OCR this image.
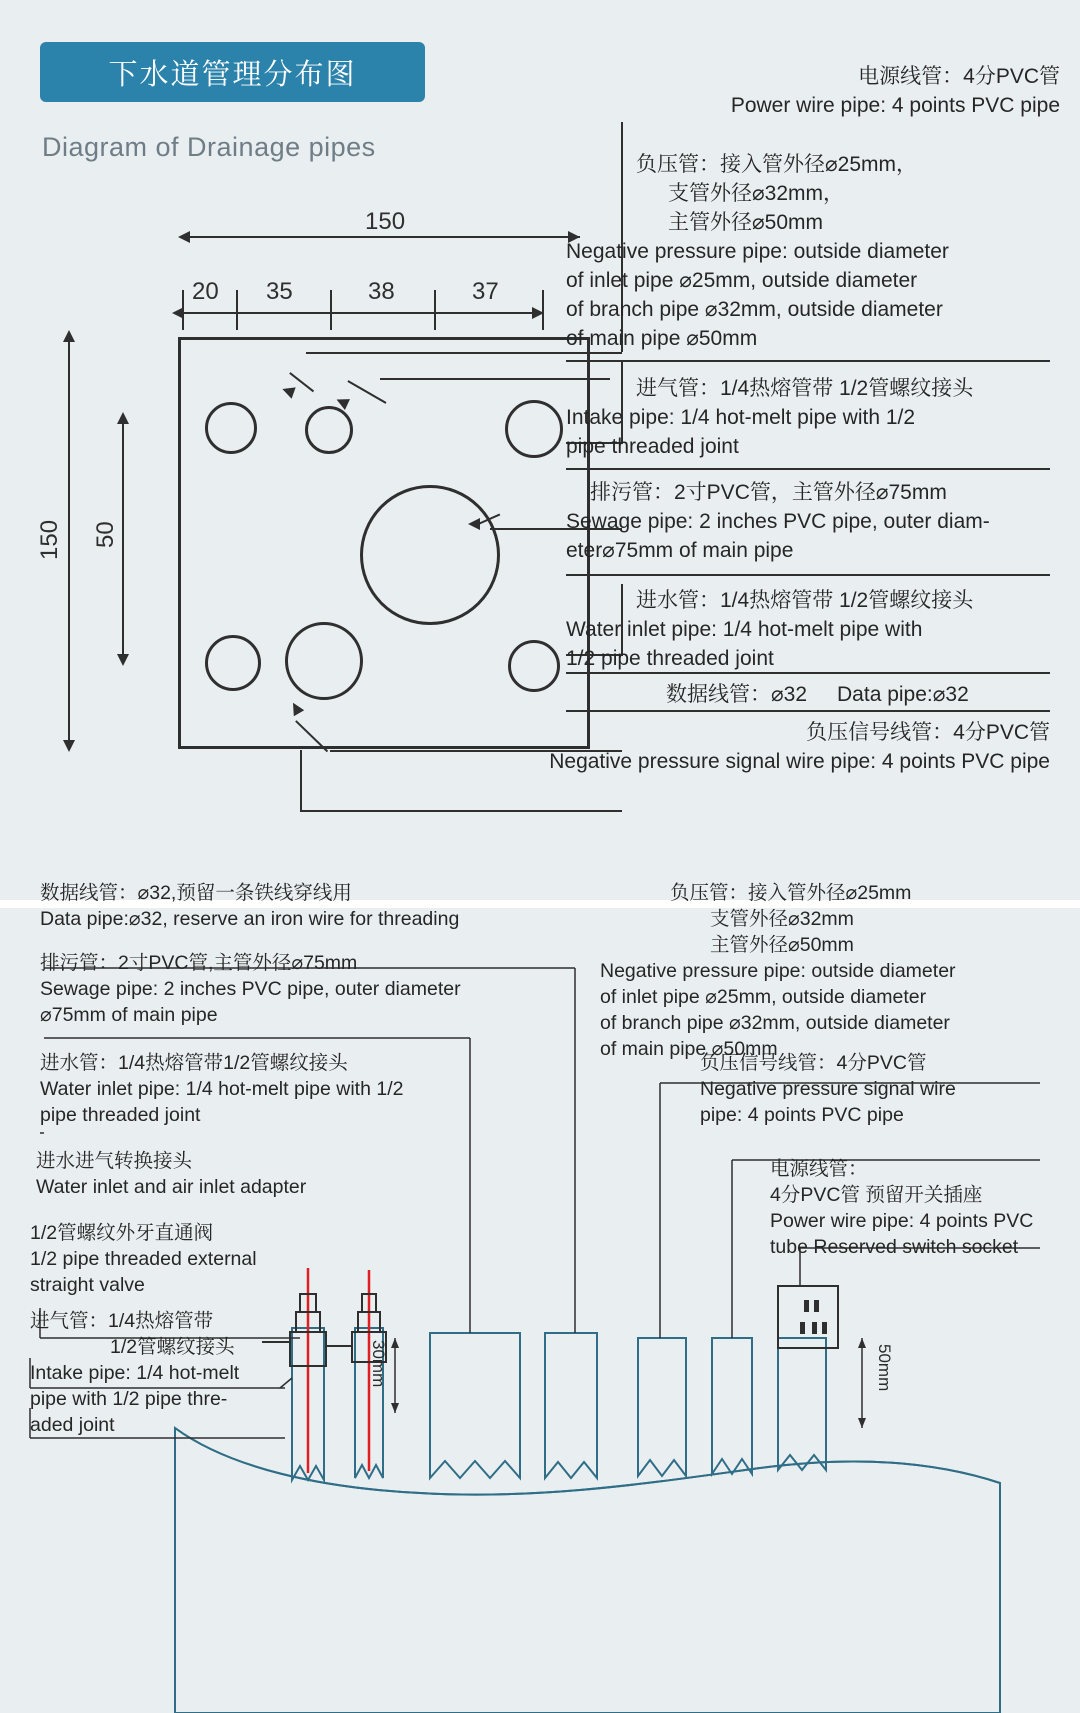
下水道管理分布图
Diagram of Drainage pipes
150
20 35	38	37
150 50
电源线管：4分PVC管
Power wire pipe: 4 points PVC pipe
负压管：接入管外径⌀25mm，
支管外径⌀32mm，
主管外径⌀50mm
Negative pressure pipe: outside diameter
of inlet pipe ⌀25mm, outside diameter
of branch pipe ⌀32mm, outside diameter
of main pipe ⌀50mm
进气管：1/4热熔管带 1/2管螺纹接头
Intake pipe: 1/4 hot-melt pipe with 1/2
pipe threaded joint
排污管：2寸PVC管，主管外径⌀75mm
Sewage pipe: 2 inches PVC pipe, outer diam-
eter⌀75mm of main pipe
进水管：1/4热熔管带 1/2管螺纹接头
Water inlet pipe: 1/4 hot-melt pipe with
1/2 pipe threaded joint
数据线管：⌀32 Data pipe:⌀32
负压信号线管：4分PVC管
Negative pressure signal wire pipe: 4 points PVC pipe
数据线管：⌀32,预留一条铁线穿线用
Data pipe:⌀32, reserve an iron wire for threading
排污管：2寸PVC管,主管外径⌀75mm
Sewage pipe: 2 inches PVC pipe, outer diameter
⌀75mm of main pipe
进水管：1/4热熔管带1/2管螺纹接头
Water inlet pipe: 1/4 hot-melt pipe with 1/2
pipe threaded joint
进水进气转换接头
Water inlet and air inlet adapter
1/2管螺纹外牙直通阀
1/2 pipe threaded external
straight valve
进气管：1/4热熔管带
1/2管螺纹接头
Intake pipe: 1/4 hot-melt
pipe with 1/2 pipe thre-
aded joint
负压管：接入管外径⌀25mm
支管外径⌀32mm
主管外径⌀50mm
Negative pressure pipe: outside diameter
of inlet pipe ⌀25mm, outside diameter
of branch pipe ⌀32mm, outside diameter
of main pipe ⌀50mm
负压信号线管：4分PVC管
Negative pressure signal wire
pipe: 4 points PVC pipe
电源线管：
4分PVC管 预留开关插座
Power wire pipe: 4 points PVC
tube Reserved switch socket
30mm	50mm
